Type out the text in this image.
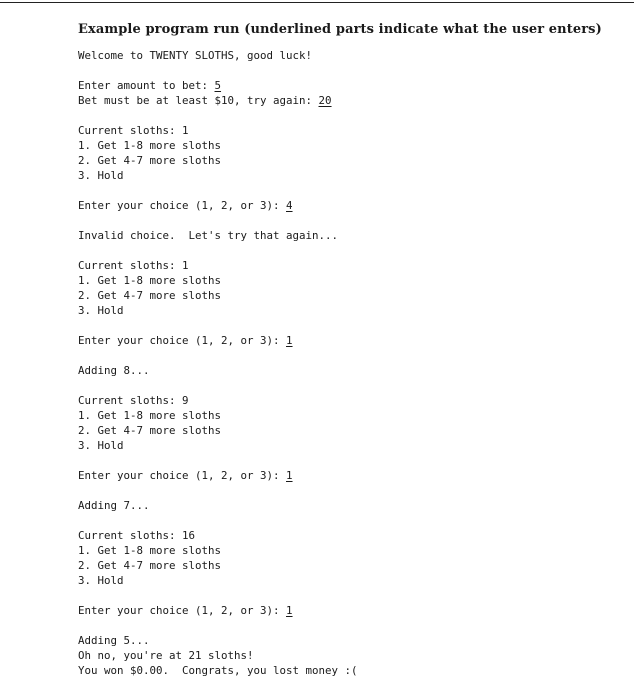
Example program run (underlined parts indicate what the user enters)
Welcome to TWENTY SLOTHS, good luck!
Enter amount to bet: 5
Bet must be at least $10, try again: 20
Current sloths: 1
1. Get 1-8 more sloths
2. Get 4-7 more sloths
3. Hold
Enter your choice (1, 2, or 3): 4
Invalid choice.  Let's try that again...
Current sloths: 1
1. Get 1-8 more sloths
2. Get 4-7 more sloths
3. Hold
Enter your choice (1, 2, or 3): 1
Adding 8...
Current sloths: 9
1. Get 1-8 more sloths
2. Get 4-7 more sloths
3. Hold
Enter your choice (1, 2, or 3): 1
Adding 7...
Current sloths: 16
1. Get 1-8 more sloths
2. Get 4-7 more sloths
3. Hold
Enter your choice (1, 2, or 3): 1
Adding 5...
Oh no, you're at 21 sloths!
You won $0.00.  Congrats, you lost money :(
